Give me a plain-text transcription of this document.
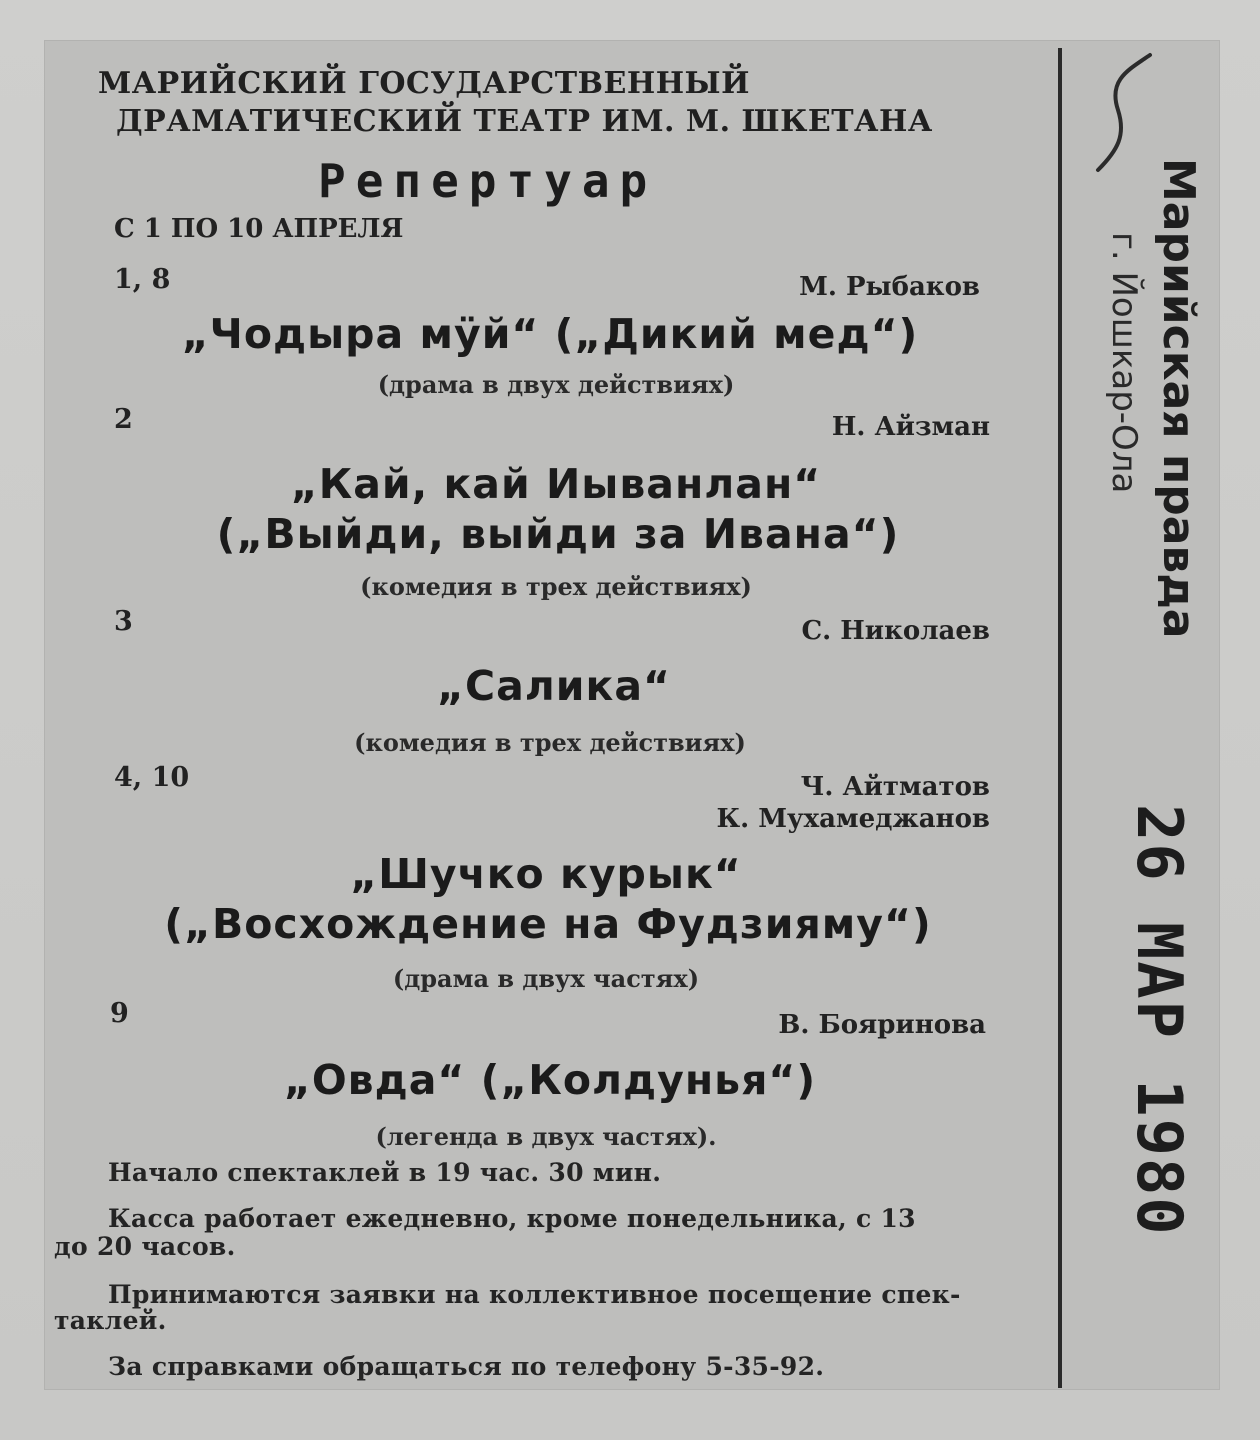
МАРИЙСКИЙ ГОСУДАРСТВЕННЫЙ

ДРАМАТИЧЕСКИЙ ТЕАТР ИМ. М. ШКЕТАНА

Репертуар

С 1 ПО 10 АПРЕЛЯ

1, 8	М. Рыбаков

„Чодыра мӱй“ („Дикий мед“)

(драма в двух действиях)

2	Н. Айзман

„Кай, кай Иыванлан“

(„Выйди, выйди за Ивана“)

(комедия в трех действиях)

3	С. Николаев

„Салика“

(комедия в трех действиях)

4, 10	Ч. Айтматов

К. Мухамеджанов

„Шучко курык“

(„Восхождение на Фудзияму“)

(драма в двух частях)

9	В. Бояринова

„Овда“ („Колдунья“)

(легенда в двух частях).

Начало спектаклей в 19 час. 30 мин.

Касса работает ежедневно, кроме понедельника, с 13

до 20 часов.

Принимаются заявки на коллективное посещение спек-

таклей.

За справками обращаться по телефону 5-35-92.

Марийская правда
г. Йошкар-Ола
26 МАР 1980
